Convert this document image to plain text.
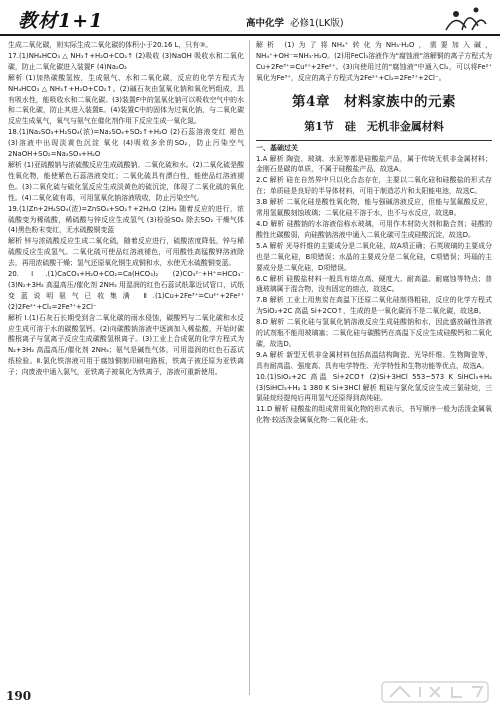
教材1+1	高中化学 必修1(LK版)

生成二氧化碳，则实际生成二氧化碳的体积小于20.16 L，只有③。

17.(1)NH₄HCO₃ △ NH₃↑+H₂O+CO₂↑ (2)吸收 (3)NaOH 吸收水和二氧化碳，防止二氧化碳进入装置F (4)Na₂O₂

解析 (1)加热碳酸氢铵，生成氨气、水和二氧化碳，反应的化学方程式为NH₄HCO₃ △ NH₃↑+H₂O+CO₂↑。(2)碱石灰由氢氧化钠和氧化钙组成，具有吸水性，能吸收水和二氧化碳。(3)装置F中的氢氧化钠可以吸收空气中的水和二氧化碳，防止其进入装置E。(4)装置C中的固体为过氧化钠，与二氧化碳反应生成氧气，氧气与氨气在催化剂作用下反应生成一氧化氮。

18.(1)Na₂SO₃+H₂SO₄(浓)=Na₂SO₄+SO₂↑+H₂O (2)石蕊溶液变红 褪色 (3)溶液中出现淡黄色沉淀 氧化 (4)吸收多余的SO₂，防止污染空气 2NaOH+SO₂=Na₂SO₃+H₂O

解析 (1)亚硫酸钠与浓硫酸反应生成硫酸钠、二氧化硫和水。(2)二氧化硫是酸性氧化物，能使紫色石蕊溶液变红；二氧化硫具有漂白性，能使品红溶液褪色。(3)二氧化硫与硫化氢反应生成淡黄色的硫沉淀，体现了二氧化硫的氧化性。(4)二氧化硫有毒，可用氢氧化钠溶液吸收，防止污染空气。

19.(1)Zn+2H₂SO₄(浓)=ZnSO₄+SO₂↑+2H₂O (2)H₂ 随着反应的进行，浓硫酸变为稀硫酸，稀硫酸与锌反应生成氢气 (3)检验SO₂ 除去SO₂ 干燥气体 (4)黑色粉末变红，无水硫酸铜变蓝

解析 锌与浓硫酸反应生成二氧化硫，随着反应进行，硫酸浓度降低，锌与稀硫酸反应生成氢气。二氧化硫可使品红溶液褪色，可用酸性高锰酸钾溶液除去，再用浓硫酸干燥；氢气还原氧化铜生成铜和水，水使无水硫酸铜变蓝。

20.Ⅰ.(1)CaCO₃+H₂O+CO₂=Ca(HCO₃)₂ (2)CO₃²⁻+H⁺=HCO₃⁻ (3)N₂+3H₂ 高温高压/催化剂 2NH₃ 用湿润的红色石蕊试纸靠近试管口，试纸变蓝说明氨气已收集满 Ⅱ.(1)Cu+2Fe³⁺=Cu²⁺+2Fe²⁺ (2)2Fe²⁺+Cl₂=2Fe³⁺+2Cl⁻

解析 Ⅰ.(1)石灰石长期受到含二氧化碳的雨水侵蚀，碳酸钙与二氧化碳和水反应生成可溶于水的碳酸氢钙。(2)向碳酸钠溶液中逐滴加入稀盐酸，开始时碳酸根离子与氢离子反应生成碳酸氢根离子。(3)工业上合成氨的化学方程式为N₂+3H₂ 高温高压/催化剂 2NH₃；氨气是碱性气体，可用湿润的红色石蕊试纸检验。Ⅱ.氯化铁溶液可用于腐蚀铜制印刷电路板，铁离子被还原为亚铁离子；向废液中通入氯气，亚铁离子被氧化为铁离子，溶液可重新使用。

解析 (1)为了将NH₄⁺转化为NH₃·H₂O，需要加入碱，NH₄⁺+OH⁻=NH₃·H₂O。(2)用FeCl₃溶液作为"腐蚀液"溶解铜的离子方程式为Cu+2Fe³⁺=Cu²⁺+2Fe²⁺。(3)向使用过的"腐蚀液"中通入Cl₂，可以将Fe²⁺氧化为Fe³⁺，反应的离子方程式为2Fe²⁺+Cl₂=2Fe³⁺+2Cl⁻。

第4章　材料家族中的元素
第1节　硅　无机非金属材料

一、基础过关

1.A 解析 陶瓷、玻璃、水泥等都是硅酸盐产品，属于传统无机非金属材料；金刚石是碳的单质，不属于硅酸盐产品，故选A。

2.C 解析 硅在自然界中只以化合态存在，主要以二氧化硅和硅酸盐的形式存在；单质硅是良好的半导体材料，可用于制造芯片和太阳能电池，故选C。

3.B 解析 二氧化硅是酸性氧化物，能与强碱溶液反应，但能与氢氟酸反应，常用氢氟酸刻蚀玻璃；二氧化硅不溶于水，也不与水反应，故选B。

4.D 解析 硅酸钠的水溶液俗称水玻璃，可用作木材防火剂和黏合剂；硅酸的酸性比碳酸弱，向硅酸钠溶液中通入二氧化碳可生成硅酸沉淀，故选D。

5.A 解析 光导纤维的主要成分是二氧化硅，故A项正确；石英玻璃的主要成分也是二氧化硅，B项错误；水晶的主要成分是二氧化硅，C项错误；玛瑙的主要成分是二氧化硅，D项错误。

6.C 解析 硅酸盐材料一般具有熔点高、硬度大、耐高温、耐腐蚀等特点；普通玻璃属于混合物，没有固定的熔点，故选C。

7.B 解析 工业上用焦炭在高温下还原二氧化硅制得粗硅，反应的化学方程式为SiO₂+2C 高温 Si+2CO↑，生成的是一氧化碳而不是二氧化碳，故选B。

8.D 解析 二氧化硅与氢氧化钠溶液反应生成硅酸钠和水，因此盛放碱性溶液的试剂瓶不能用玻璃塞；二氧化硅与碳酸钙在高温下反应生成硅酸钙和二氧化碳，故选D。

9.A 解析 新型无机非金属材料包括高温结构陶瓷、光导纤维、生物陶瓷等，具有耐高温、强度高、具有电学特性、光学特性和生物功能等优点，故选A。

10.(1)SiO₂+2C 高温 Si+2CO↑ (2)Si+3HCl 553~573 K SiHCl₃+H₂ (3)SiHCl₃+H₂ 1 380 K Si+3HCl 解析 粗硅与氯化氢反应生成三氯硅烷，三氯硅烷经提纯后再用氢气还原得到高纯硅。

11.D 解析 硅酸盐的组成常用氧化物的形式表示，书写顺序一般为活泼金属氧化物·较活泼金属氧化物·二氧化硅·水。

190
